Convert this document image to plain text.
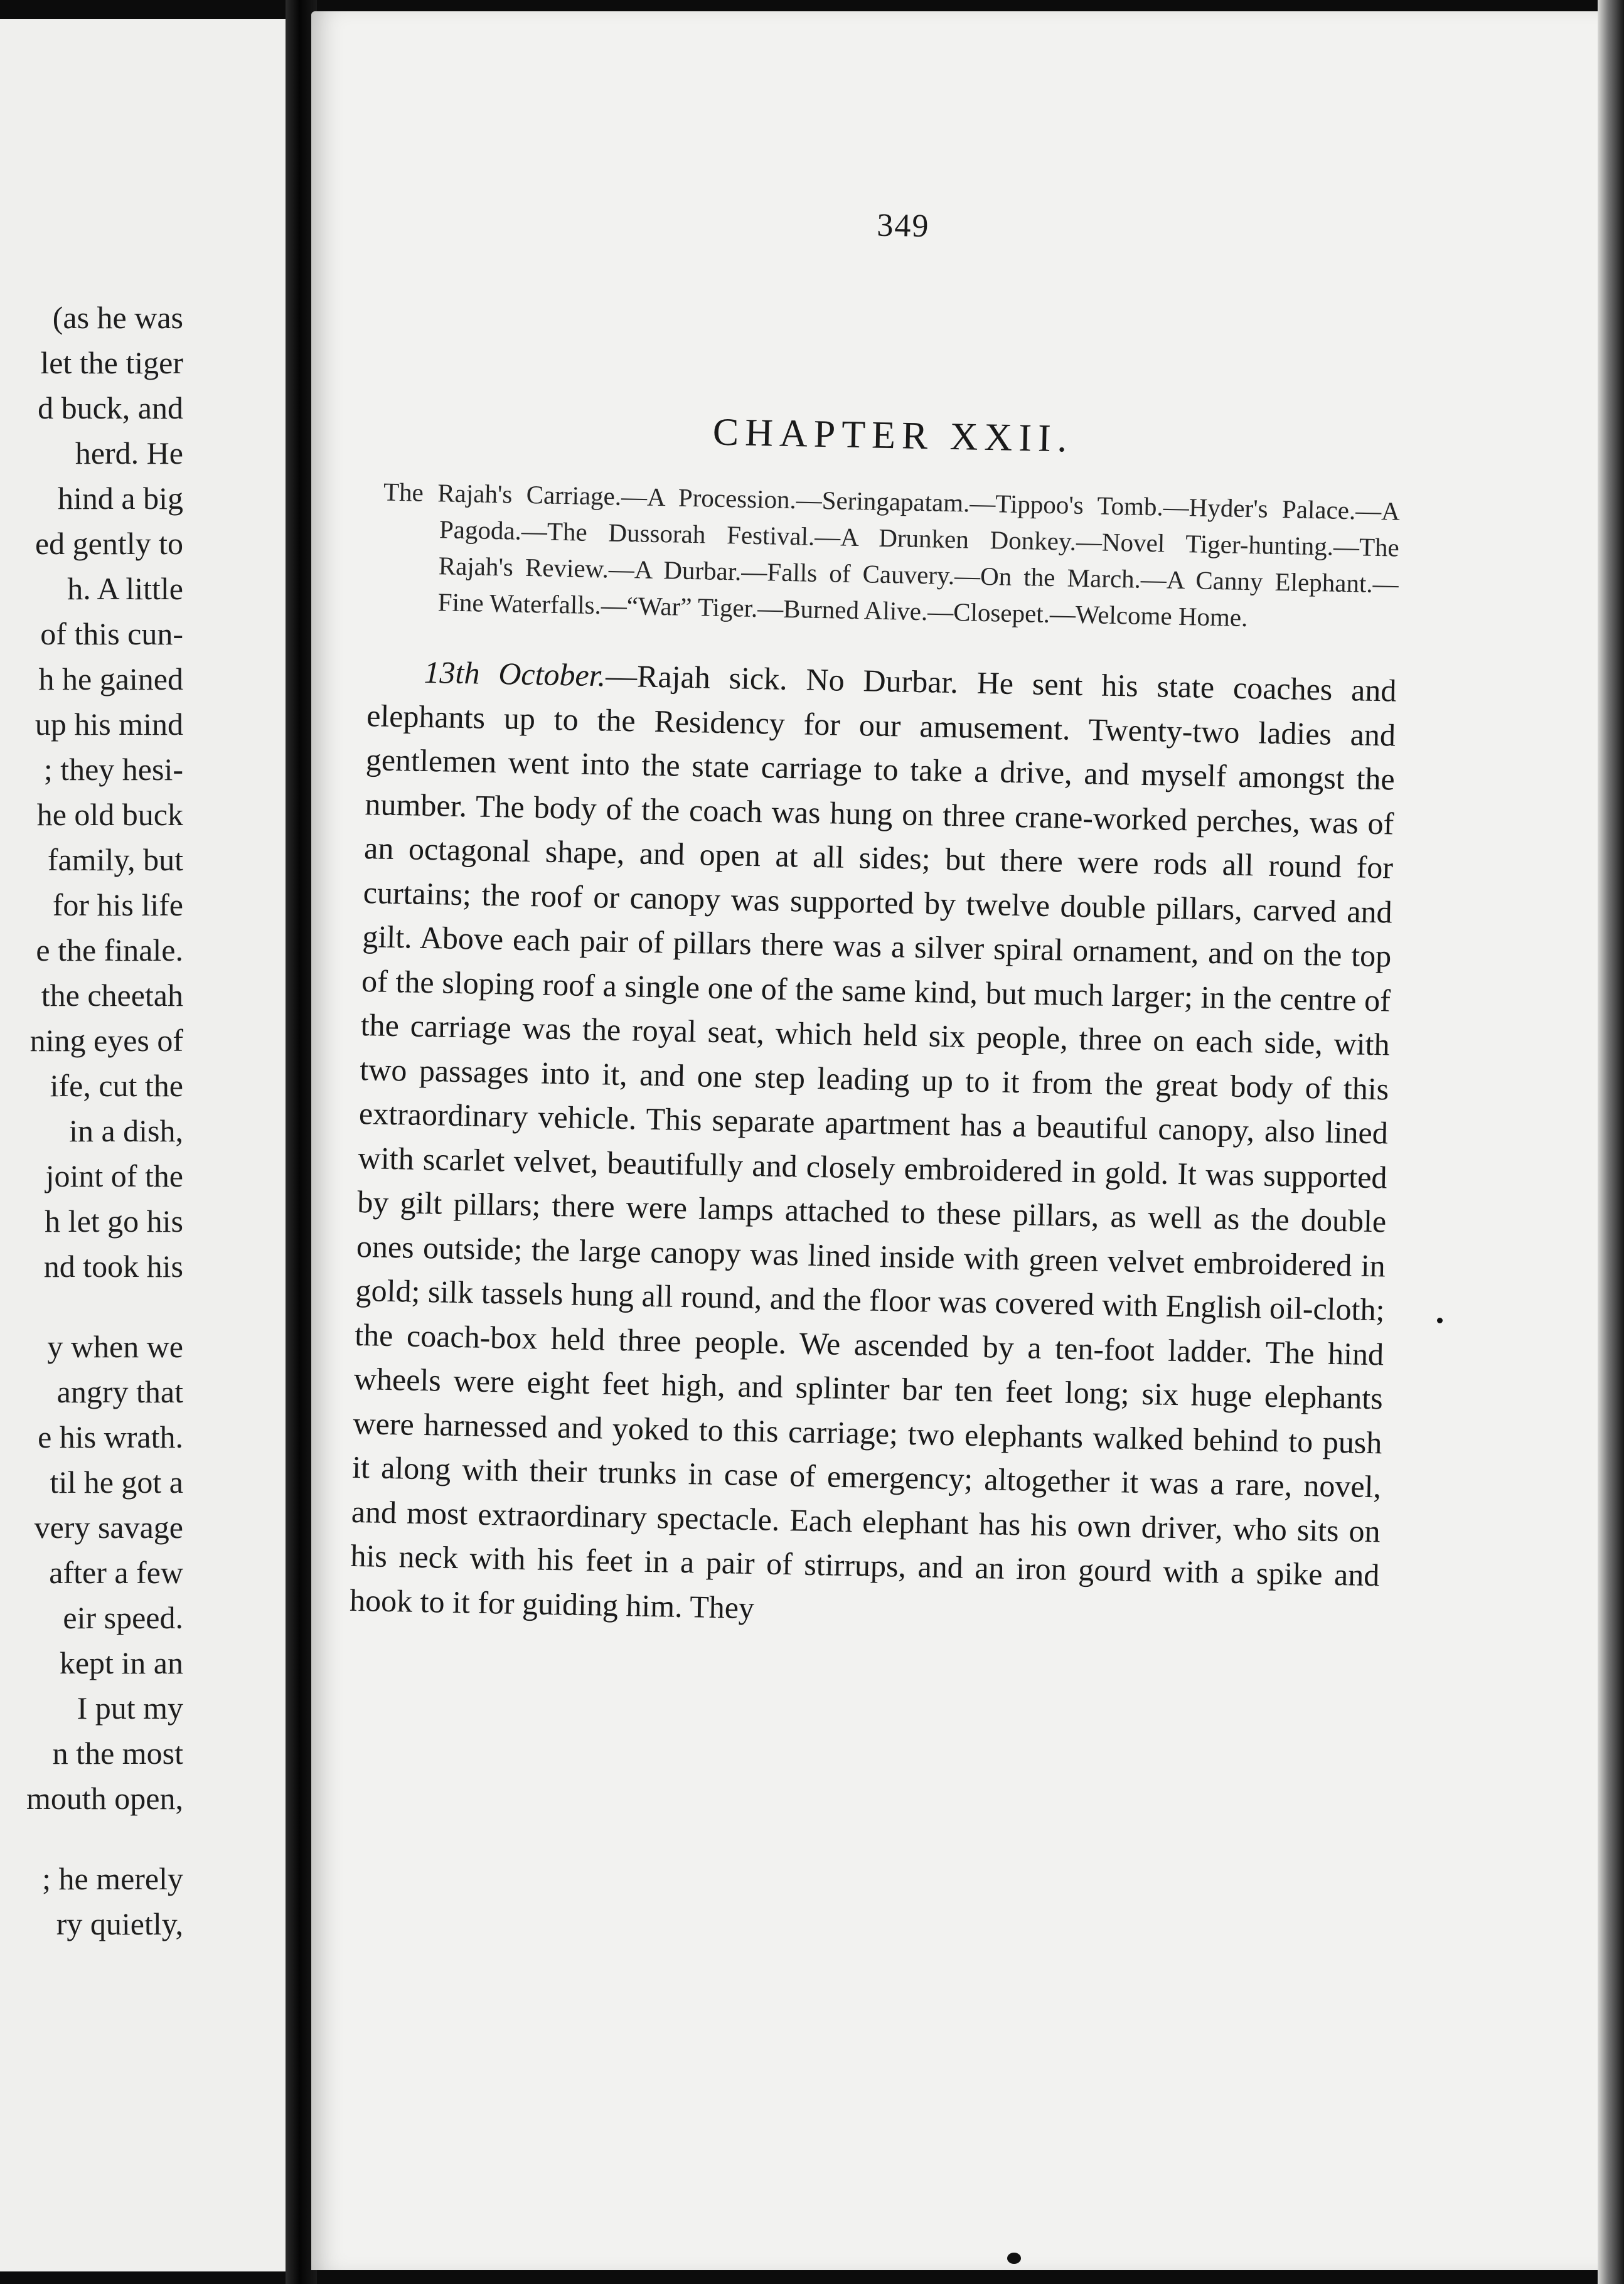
(as he was
let the tiger
d buck, and
herd. He
hind a big
ed gently to
h. A little
of this cun-
h he gained
up his mind
; they hesi-
he old buck
family, but
for his life
e the finale.
the cheetah
ning eyes of
ife, cut the
in a dish,
joint of the
h let go his
nd took his
y when we
angry that
e his wrath.
til he got a
very savage
after a few
eir speed.
kept in an
I put my
n the most
mouth open,
; he merely
ry quietly,
349
CHAPTER XXII.

The Rajah's Carriage.—A Procession.—Seringapatam.—Tippoo's Tomb.—Hyder's Palace.—A Pagoda.—The Dussorah Festival.—A Drunken Donkey.—Novel Tiger-hunting.—The Rajah's Review.—A Durbar.—Falls of Cauvery.—On the March.—A Canny Elephant.—Fine Waterfalls.—“War” Tiger.—Burned Alive.—Closepet.—Welcome Home.

13th October.—Rajah sick. No Durbar. He sent his state coaches and elephants up to the Residency for our amusement. Twenty-two ladies and gentlemen went into the state carriage to take a drive, and myself amongst the number. The body of the coach was hung on three crane-worked perches, was of an octagonal shape, and open at all sides; but there were rods all round for curtains; the roof or canopy was supported by twelve double pillars, carved and gilt. Above each pair of pillars there was a silver spiral ornament, and on the top of the sloping roof a single one of the same kind, but much larger; in the centre of the carriage was the royal seat, which held six people, three on each side, with two passages into it, and one step leading up to it from the great body of this extraordinary vehicle. This separate apartment has a beautiful canopy, also lined with scarlet velvet, beautifully and closely embroidered in gold. It was supported by gilt pillars; there were lamps attached to these pillars, as well as the double ones outside; the large canopy was lined inside with green velvet embroidered in gold; silk tassels hung all round, and the floor was covered with English oil-cloth; the coach-box held three people. We ascended by a ten-foot ladder. The hind wheels were eight feet high, and splinter bar ten feet long; six huge elephants were harnessed and yoked to this carriage; two elephants walked behind to push it along with their trunks in case of emergency; altogether it was a rare, novel, and most extraordinary spectacle. Each elephant has his own driver, who sits on his neck with his feet in a pair of stirrups, and an iron gourd with a spike and hook to it for guiding him. They
